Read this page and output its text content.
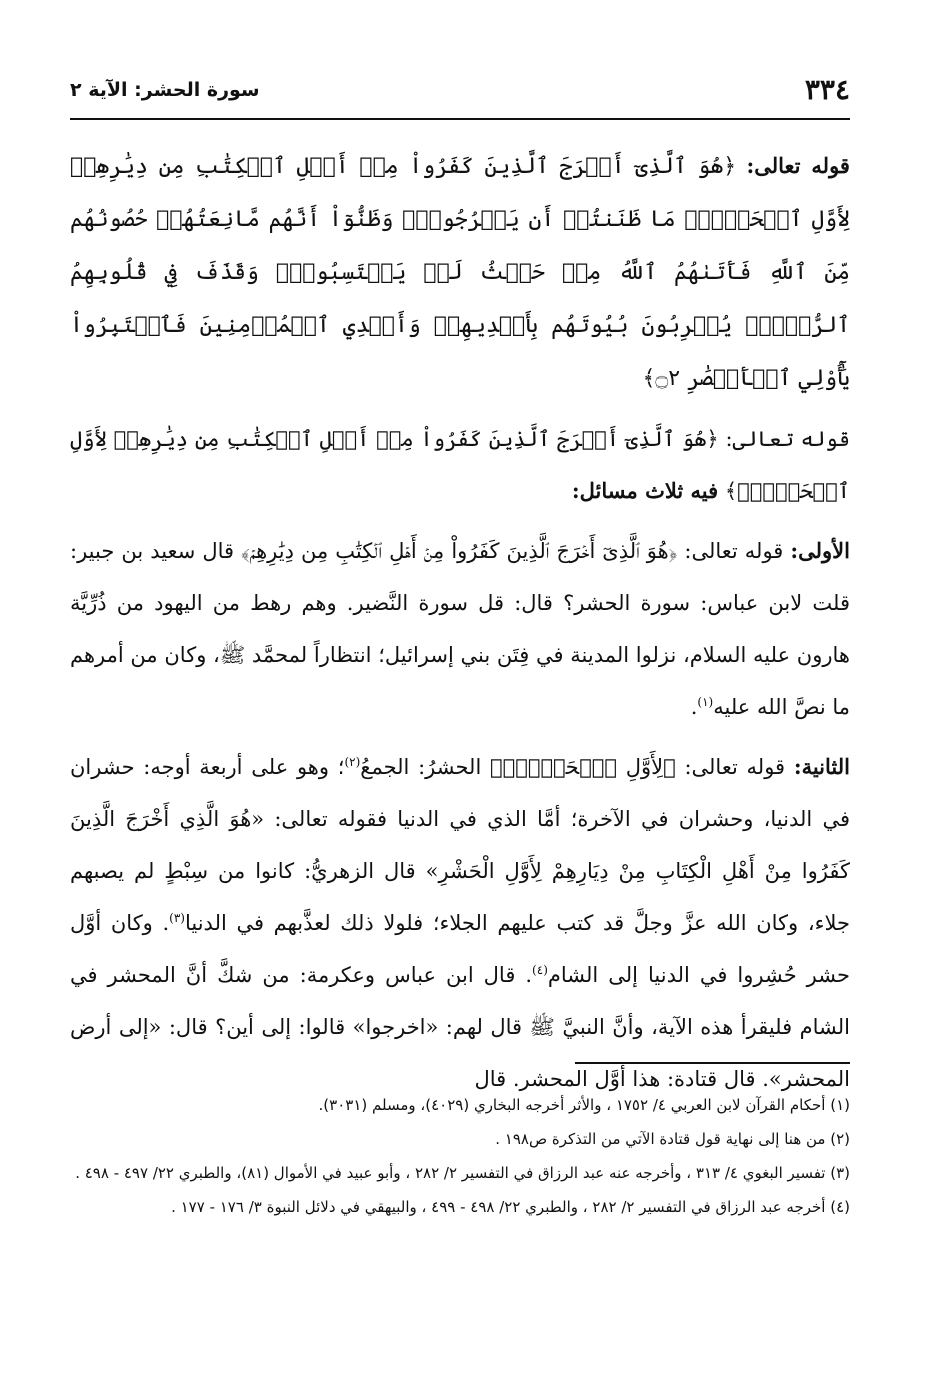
٣٣٤
سورة الحشر: الآية ٢

قوله تعالى: ﴿هُوَ ٱلَّذِىٓ أَخۡرَجَ ٱلَّذِينَ كَفَرُواْ مِنۡ أَهۡلِ ٱلۡكِتَٰبِ مِن دِيَٰرِهِمۡ لِأَوَّلِ ٱلۡحَشۡرِۚ مَا ظَنَنتُمۡ أَن يَخۡرُجُواْۖ وَظَنُّوٓاْ أَنَّهُم مَّانِعَتُهُمۡ حُصُونُهُم مِّنَ ٱللَّهِ فَأَتَىٰهُمُ ٱللَّهُ مِنۡ حَيۡثُ لَمۡ يَحۡتَسِبُواْۖ وَقَذَفَ فِي قُلُوبِهِمُ ٱلرُّعۡبَۚ يُخۡرِبُونَ بُيُوتَهُم بِأَيۡدِيهِمۡ وَأَيۡدِي ٱلۡمُؤۡمِنِينَ فَٱعۡتَبِرُواْ يَٰٓأُوْلِي ٱلۡأَبۡصَٰرِ ۝٢﴾

قوله تعالى: ﴿هُوَ ٱلَّذِىٓ أَخۡرَجَ ٱلَّذِينَ كَفَرُواْ مِنۡ أَهۡلِ ٱلۡكِتَٰبِ مِن دِيَٰرِهِمۡ لِأَوَّلِ ٱلۡحَشۡرِۚ﴾ فيه ثلاث مسائل:

الأولى: قوله تعالى: ﴿هُوَ ٱلَّذِىٓ أَخۡرَجَ ٱلَّذِينَ كَفَرُواْ مِنۡ أَهۡلِ ٱلۡكِتَٰبِ مِن دِيَٰرِهِمۡ﴾ قال سعيد بن جبير: قلت لابن عباس: سورة الحشر؟ قال: قل سورة النَّضير. وهم رهط من اليهود من ذُرِّيَّة هارون عليه السلام، نزلوا المدينة في فِتَن بني إسرائيل؛ انتظاراً لمحمَّد ﷺ، وكان من أمرهم ما نصَّ الله عليه$^{(١)}$.

الثانية: قوله تعالى: ﴿لِأَوَّلِ ٱلۡحَشۡرِۚ﴾ الحشرُ: الجمعُ$^{(٢)}$؛ وهو على أربعة أوجه: حشران في الدنيا، وحشران في الآخرة؛ أمَّا الذي في الدنيا فقوله تعالى: «هُوَ الَّذِي أَخْرَجَ الَّذِينَ كَفَرُوا مِنْ أَهْلِ الْكِتَابِ مِنْ دِيَارِهِمْ لِأَوَّلِ الْحَشْرِ» قال الزهريُّ: كانوا من سِبْطٍ لم يصبهم جلاء، وكان الله عزَّ وجلَّ قد كتب عليهم الجلاء؛ فلولا ذلك لعذَّبهم في الدنيا$^{(٣)}$. وكان أوَّل حشر حُشِروا في الدنيا إلى الشام$^{(٤)}$. قال ابن عباس وعكرمة: من شكَّ أنَّ المحشر في الشام فليقرأ هذه الآية، وأنَّ النبيَّ ﷺ قال لهم: «اخرجوا» قالوا: إلى أين؟ قال: «إلى أرض المحشر». قال قتادة: هذا أوَّل المحشر. قال

(١) أحكام القرآن لابن العربي ٤/ ١٧٥٢ ، والأثر أخرجه البخاري (٤٠٢٩)، ومسلم (٣٠٣١).

(٢) من هنا إلى نهاية قول قتادة الآتي من التذكرة ص١٩٨ .

(٣) تفسير البغوي ٤/ ٣١٣ ، وأخرجه عنه عبد الرزاق في التفسير ٢/ ٢٨٢ ، وأبو عبيد في الأموال (٨١)، والطبري ٢٢/ ٤٩٧ - ٤٩٨ .

(٤) أخرجه عبد الرزاق في التفسير ٢/ ٢٨٢ ، والطبري ٢٢/ ٤٩٨ - ٤٩٩ ، والبيهقي في دلائل النبوة ٣/ ١٧٦ - ١٧٧ .
